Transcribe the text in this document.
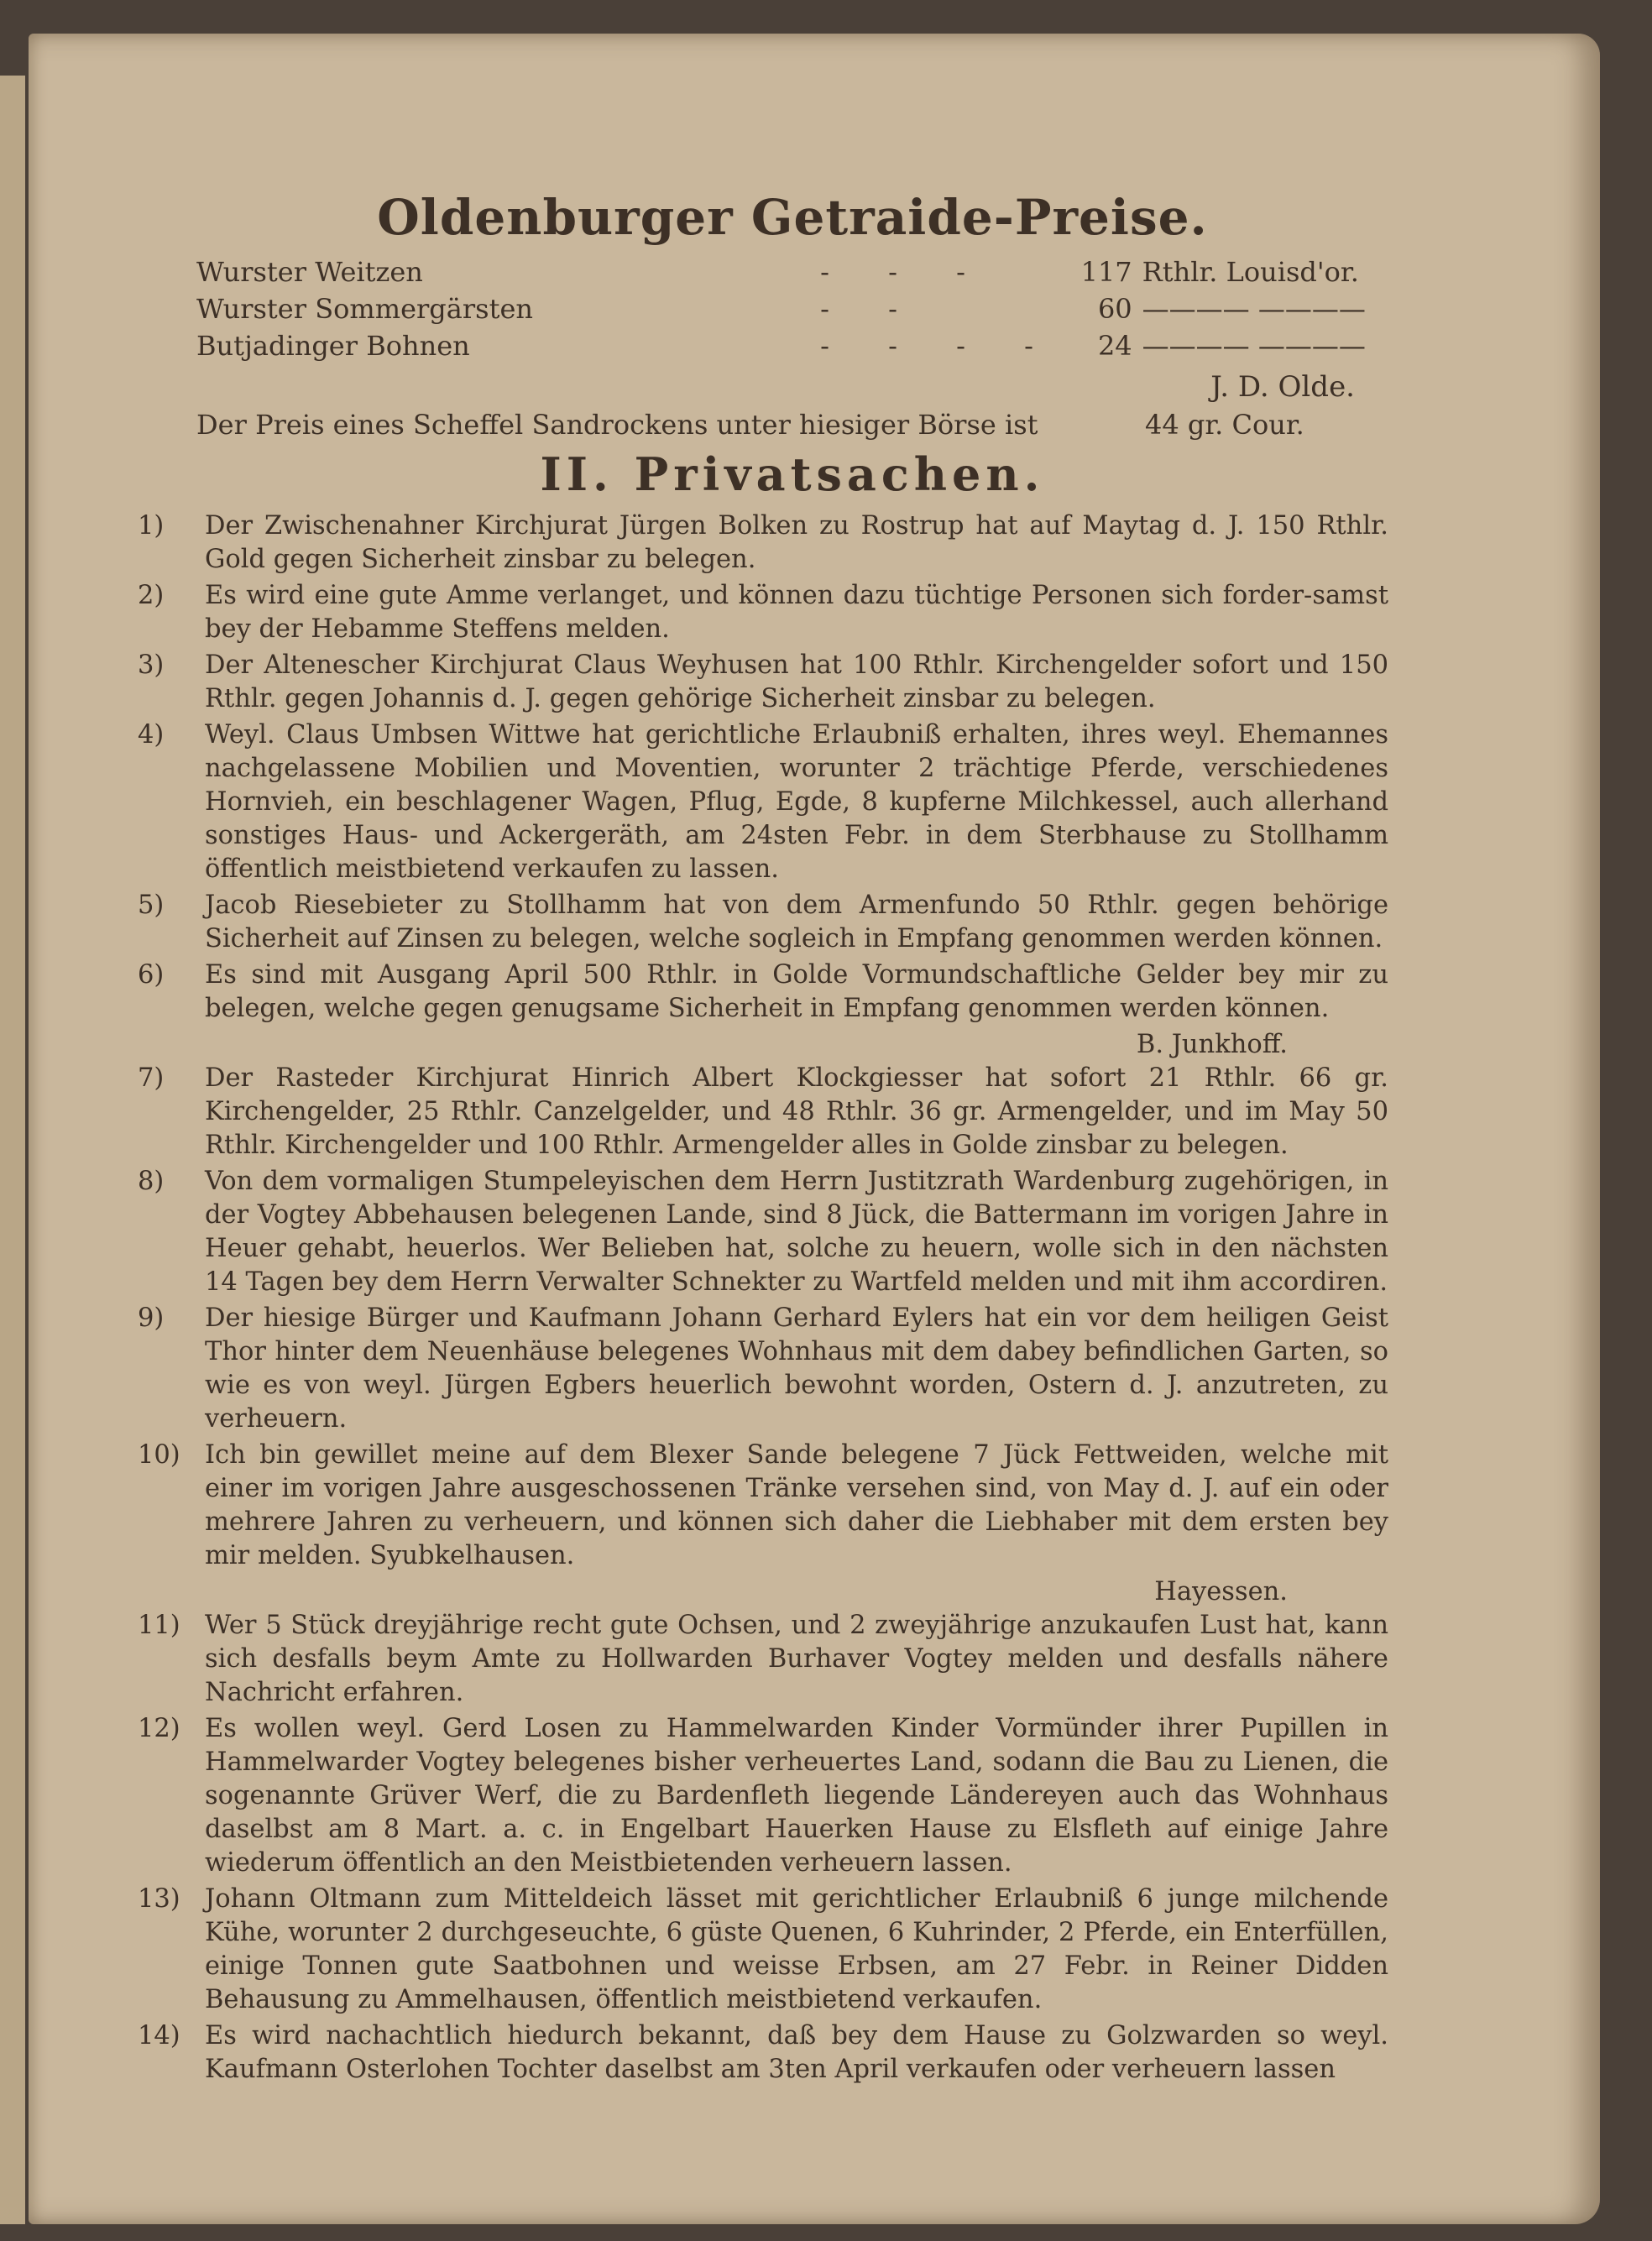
Oldenburger Getraide-Preise.
Wurster Weitzen	- - -	117 Rthlr. Louisd'or.
Wurster Sommergärsten	- -	60 ———— ————
Butjadinger Bohnen	- - - -	24 ———— ————
J. D. Olde.
Der Preis eines Scheffel Sandrockens unter hiesiger Börse ist	44 gr. Cour.
II. Privatsachen.
1)	Der Zwischenahner Kirchjurat Jürgen Bolken zu Rostrup hat auf Maytag d. J. 150 Rthlr. Gold gegen Sicherheit zinsbar zu belegen.
2)	Es wird eine gute Amme verlanget, und können dazu tüchtige Personen sich forder-samst bey der Hebamme Steffens melden.
3)	Der Altenescher Kirchjurat Claus Weyhusen hat 100 Rthlr. Kirchengelder sofort und 150 Rthlr. gegen Johannis d. J. gegen gehörige Sicherheit zinsbar zu belegen.
4)	Weyl. Claus Umbsen Wittwe hat gerichtliche Erlaubniß erhalten, ihres weyl. Ehemannes nachgelassene Mobilien und Moventien, worunter 2 trächtige Pferde, verschiedenes Hornvieh, ein beschlagener Wagen, Pflug, Egde, 8 kupferne Milchkessel, auch allerhand sonstiges Haus- und Ackergeräth, am 24sten Febr. in dem Sterbhause zu Stollhamm öffentlich meistbietend verkaufen zu lassen.
5)	Jacob Riesebieter zu Stollhamm hat von dem Armenfundo 50 Rthlr. gegen behörige Sicherheit auf Zinsen zu belegen, welche sogleich in Empfang genommen werden können.
6)	Es sind mit Ausgang April 500 Rthlr. in Golde Vormundschaftliche Gelder bey mir zu belegen, welche gegen genugsame Sicherheit in Empfang genommen werden können.
B. Junkhoff.
7)	Der Rasteder Kirchjurat Hinrich Albert Klockgiesser hat sofort 21 Rthlr. 66 gr. Kirchengelder, 25 Rthlr. Canzelgelder, und 48 Rthlr. 36 gr. Armengelder, und im May 50 Rthlr. Kirchengelder und 100 Rthlr. Armengelder alles in Golde zinsbar zu belegen.
8)	Von dem vormaligen Stumpeleyischen dem Herrn Justitzrath Wardenburg zugehörigen, in der Vogtey Abbehausen belegenen Lande, sind 8 Jück, die Battermann im vorigen Jahre in Heuer gehabt, heuerlos. Wer Belieben hat, solche zu heuern, wolle sich in den nächsten 14 Tagen bey dem Herrn Verwalter Schnekter zu Wartfeld melden und mit ihm accordiren.
9)	Der hiesige Bürger und Kaufmann Johann Gerhard Eylers hat ein vor dem heiligen Geist Thor hinter dem Neuenhäuse belegenes Wohnhaus mit dem dabey befindlichen Garten, so wie es von weyl. Jürgen Egbers heuerlich bewohnt worden, Ostern d. J. anzutreten, zu verheuern.
10) Ich bin gewillet meine auf dem Blexer Sande belegene 7 Jück Fettweiden, welche mit einer im vorigen Jahre ausgeschossenen Tränke versehen sind, von May d. J. auf ein oder mehrere Jahren zu verheuern, und können sich daher die Liebhaber mit dem ersten bey mir melden. Syubkelhausen.
Hayessen.
11) Wer 5 Stück dreyjährige recht gute Ochsen, und 2 zweyjährige anzukaufen Lust hat, kann sich desfalls beym Amte zu Hollwarden Burhaver Vogtey melden und desfalls nähere Nachricht erfahren.
12) Es wollen weyl. Gerd Losen zu Hammelwarden Kinder Vormünder ihrer Pupillen in Hammelwarder Vogtey belegenes bisher verheuertes Land, sodann die Bau zu Lienen, die sogenannte Grüver Werf, die zu Bardenfleth liegende Ländereyen auch das Wohnhaus daselbst am 8 Mart. a. c. in Engelbart Hauerken Hause zu Elsfleth auf einige Jahre wiederum öffentlich an den Meistbietenden verheuern lassen.
13) Johann Oltmann zum Mitteldeich lässet mit gerichtlicher Erlaubniß 6 junge milchende Kühe, worunter 2 durchgeseuchte, 6 güste Quenen, 6 Kuhrinder, 2 Pferde, ein Enterfüllen, einige Tonnen gute Saatbohnen und weisse Erbsen, am 27 Febr. in Reiner Didden Behausung zu Ammelhausen, öffentlich meistbietend verkaufen.
14) Es wird nachachtlich hiedurch bekannt, daß bey dem Hause zu Golzwarden so weyl. Kaufmann Osterlohen Tochter daselbst am 3ten April verkaufen oder verheuern lassen
